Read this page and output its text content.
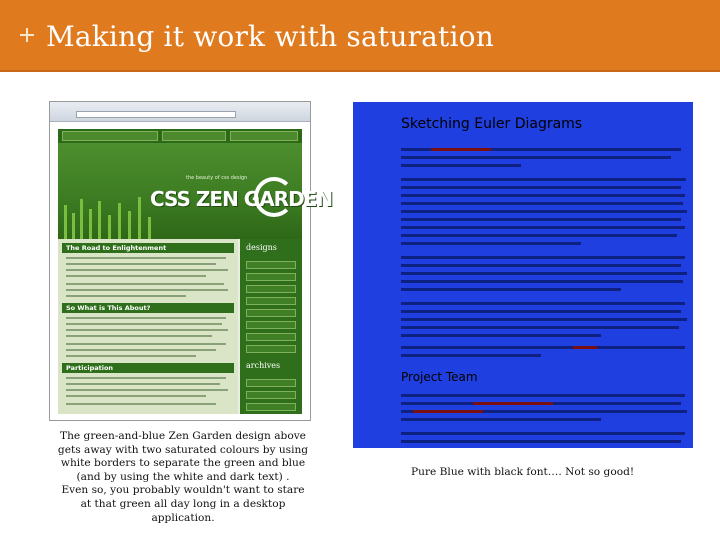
Making it work with saturation
the beauty of css design
CSS ZEN GARDEN
The Road to Enlightenment
So What is This About?
Participation
designs
archives
The green-and-blue Zen Garden design above
gets away with two saturated colours by using
white borders to separate the green and blue
(and by using the white and dark text) .
Even so, you probably wouldn't want to stare
at that green all day long in a desktop
application.
Sketching Euler Diagrams
Project Team
Pure Blue with black font…. Not so good!
